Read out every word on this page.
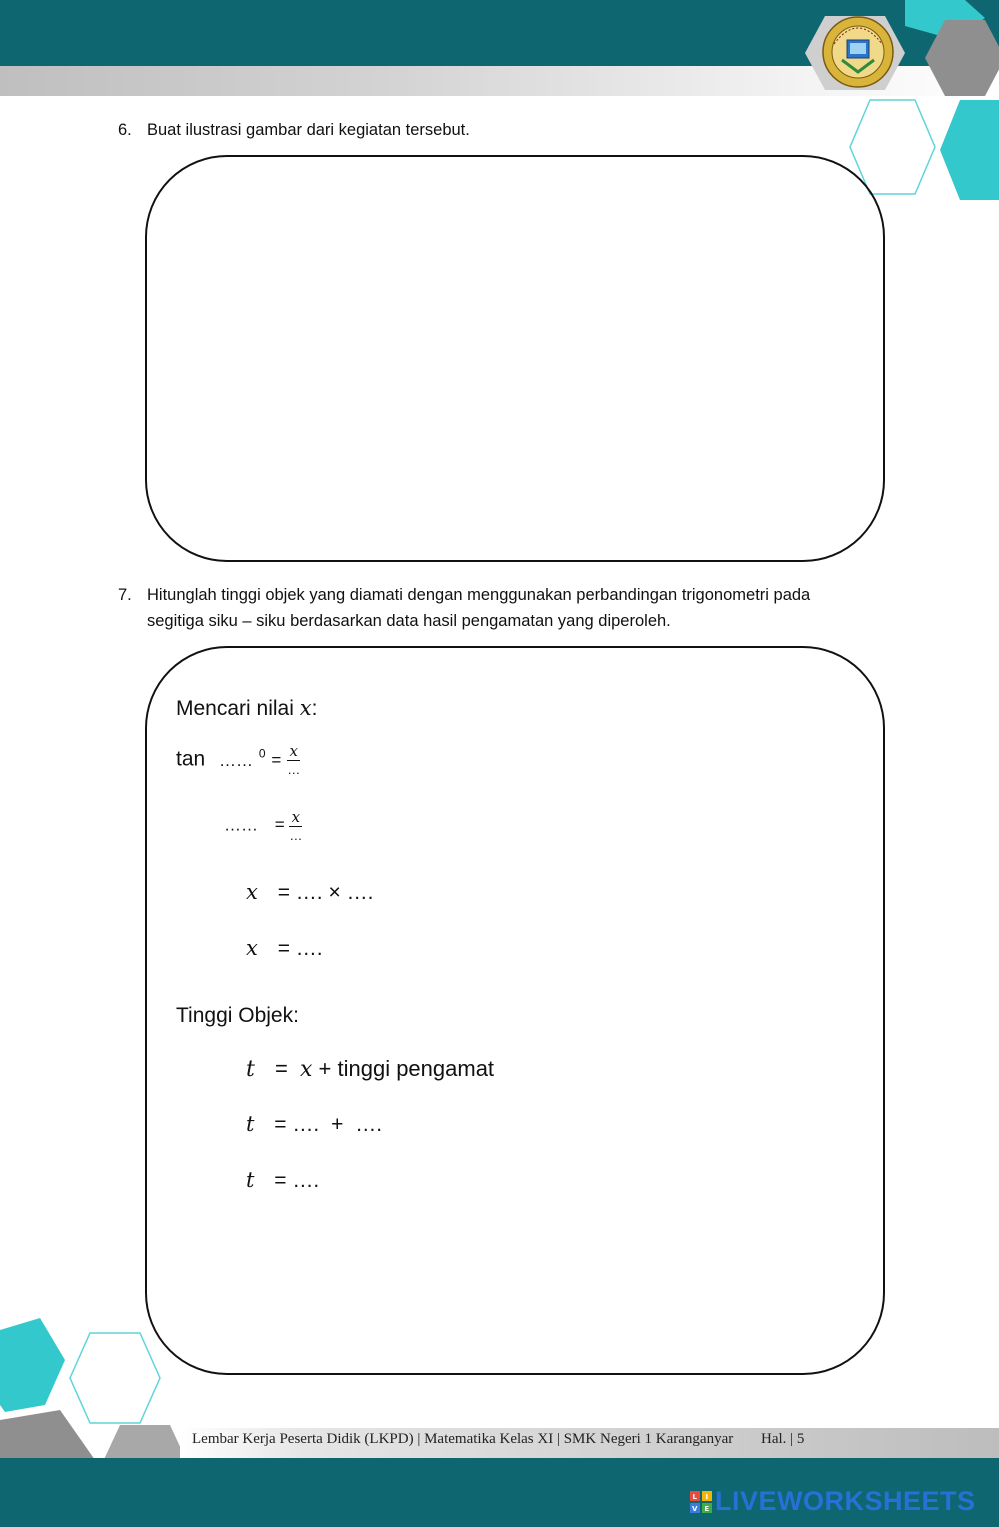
6. Buat ilustrasi gambar dari kegiatan tersebut.
7. Hitunglah tinggi objek yang diamati dengan menggunakan perbandingan trigonometri pada
segitiga siku – siku berdasarkan data hasil pengamatan yang diperoleh.
Mencari nilai x:
tan …… $^0 = \frac{x}{\dots}$
…… = $\frac{x}{\dots}$
x = …. × ….
x = ….
Tinggi Objek:
t = x + tinggi pengamat
t = …. + ….
t = ….
Lembar Kerja Peserta Didik (LKPD) | Matematika Kelas XI | SMK Negeri 1 Karanganyar Hal. | 5
L I
V E LIVEWORKSHEETS
